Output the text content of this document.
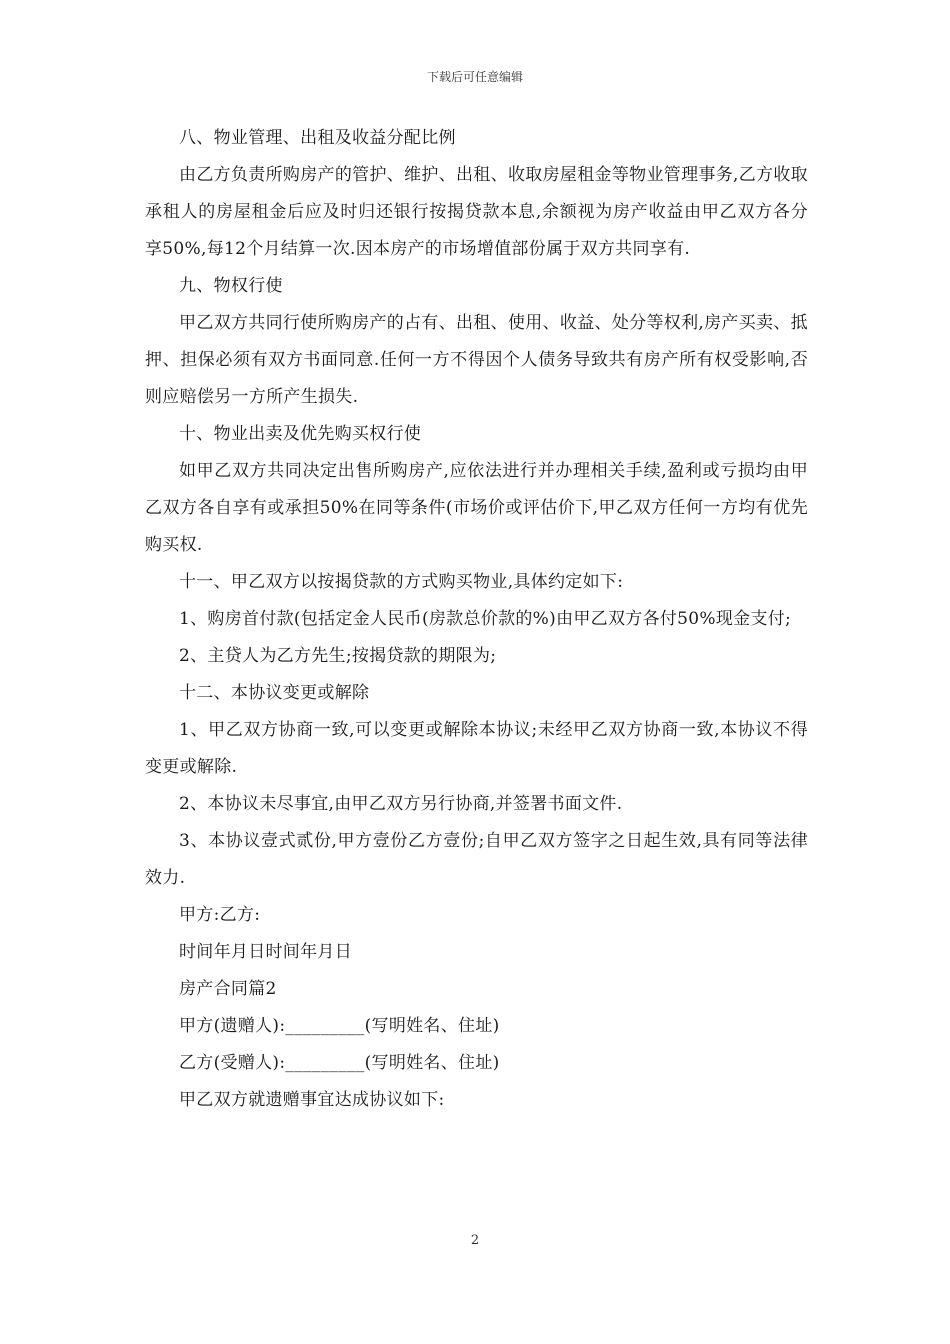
下载后可任意编辑

八、物业管理、出租及收益分配比例

由乙方负责所购房产的管护、维护、出租、收取房屋租金等物业管理事务,乙方收取承租人的房屋租金后应及时归还银行按揭贷款本息,余额视为房产收益由甲乙双方各分享50%,每12个月结算一次.因本房产的市场增值部份属于双方共同享有.

九、物权行使

甲乙双方共同行使所购房产的占有、出租、使用、收益、处分等权利,房产买卖、抵押、担保必须有双方书面同意.任何一方不得因个人债务导致共有房产所有权受影响,否则应赔偿另一方所产生损失.

十、物业出卖及优先购买权行使

如甲乙双方共同决定出售所购房产,应依法进行并办理相关手续,盈利或亏损均由甲乙双方各自享有或承担50%在同等条件(市场价或评估价下,甲乙双方任何一方均有优先购买权.

十一、甲乙双方以按揭贷款的方式购买物业,具体约定如下:

1、购房首付款(包括定金人民币(房款总价款的%)由甲乙双方各付50%现金支付;

2、主贷人为乙方先生;按揭贷款的期限为;

十二、本协议变更或解除

1、甲乙双方协商一致,可以变更或解除本协议;未经甲乙双方协商一致,本协议不得变更或解除.

2、本协议未尽事宜,由甲乙双方另行协商,并签署书面文件.

3、本协议壹式贰份,甲方壹份乙方壹份;自甲乙双方签字之日起生效,具有同等法律效力.

甲方:乙方:

时间年月日时间年月日

房产合同篇2

甲方(遗赠人):_________(写明姓名、住址)

乙方(受赠人):_________(写明姓名、住址)

甲乙双方就遗赠事宜达成协议如下:

2
